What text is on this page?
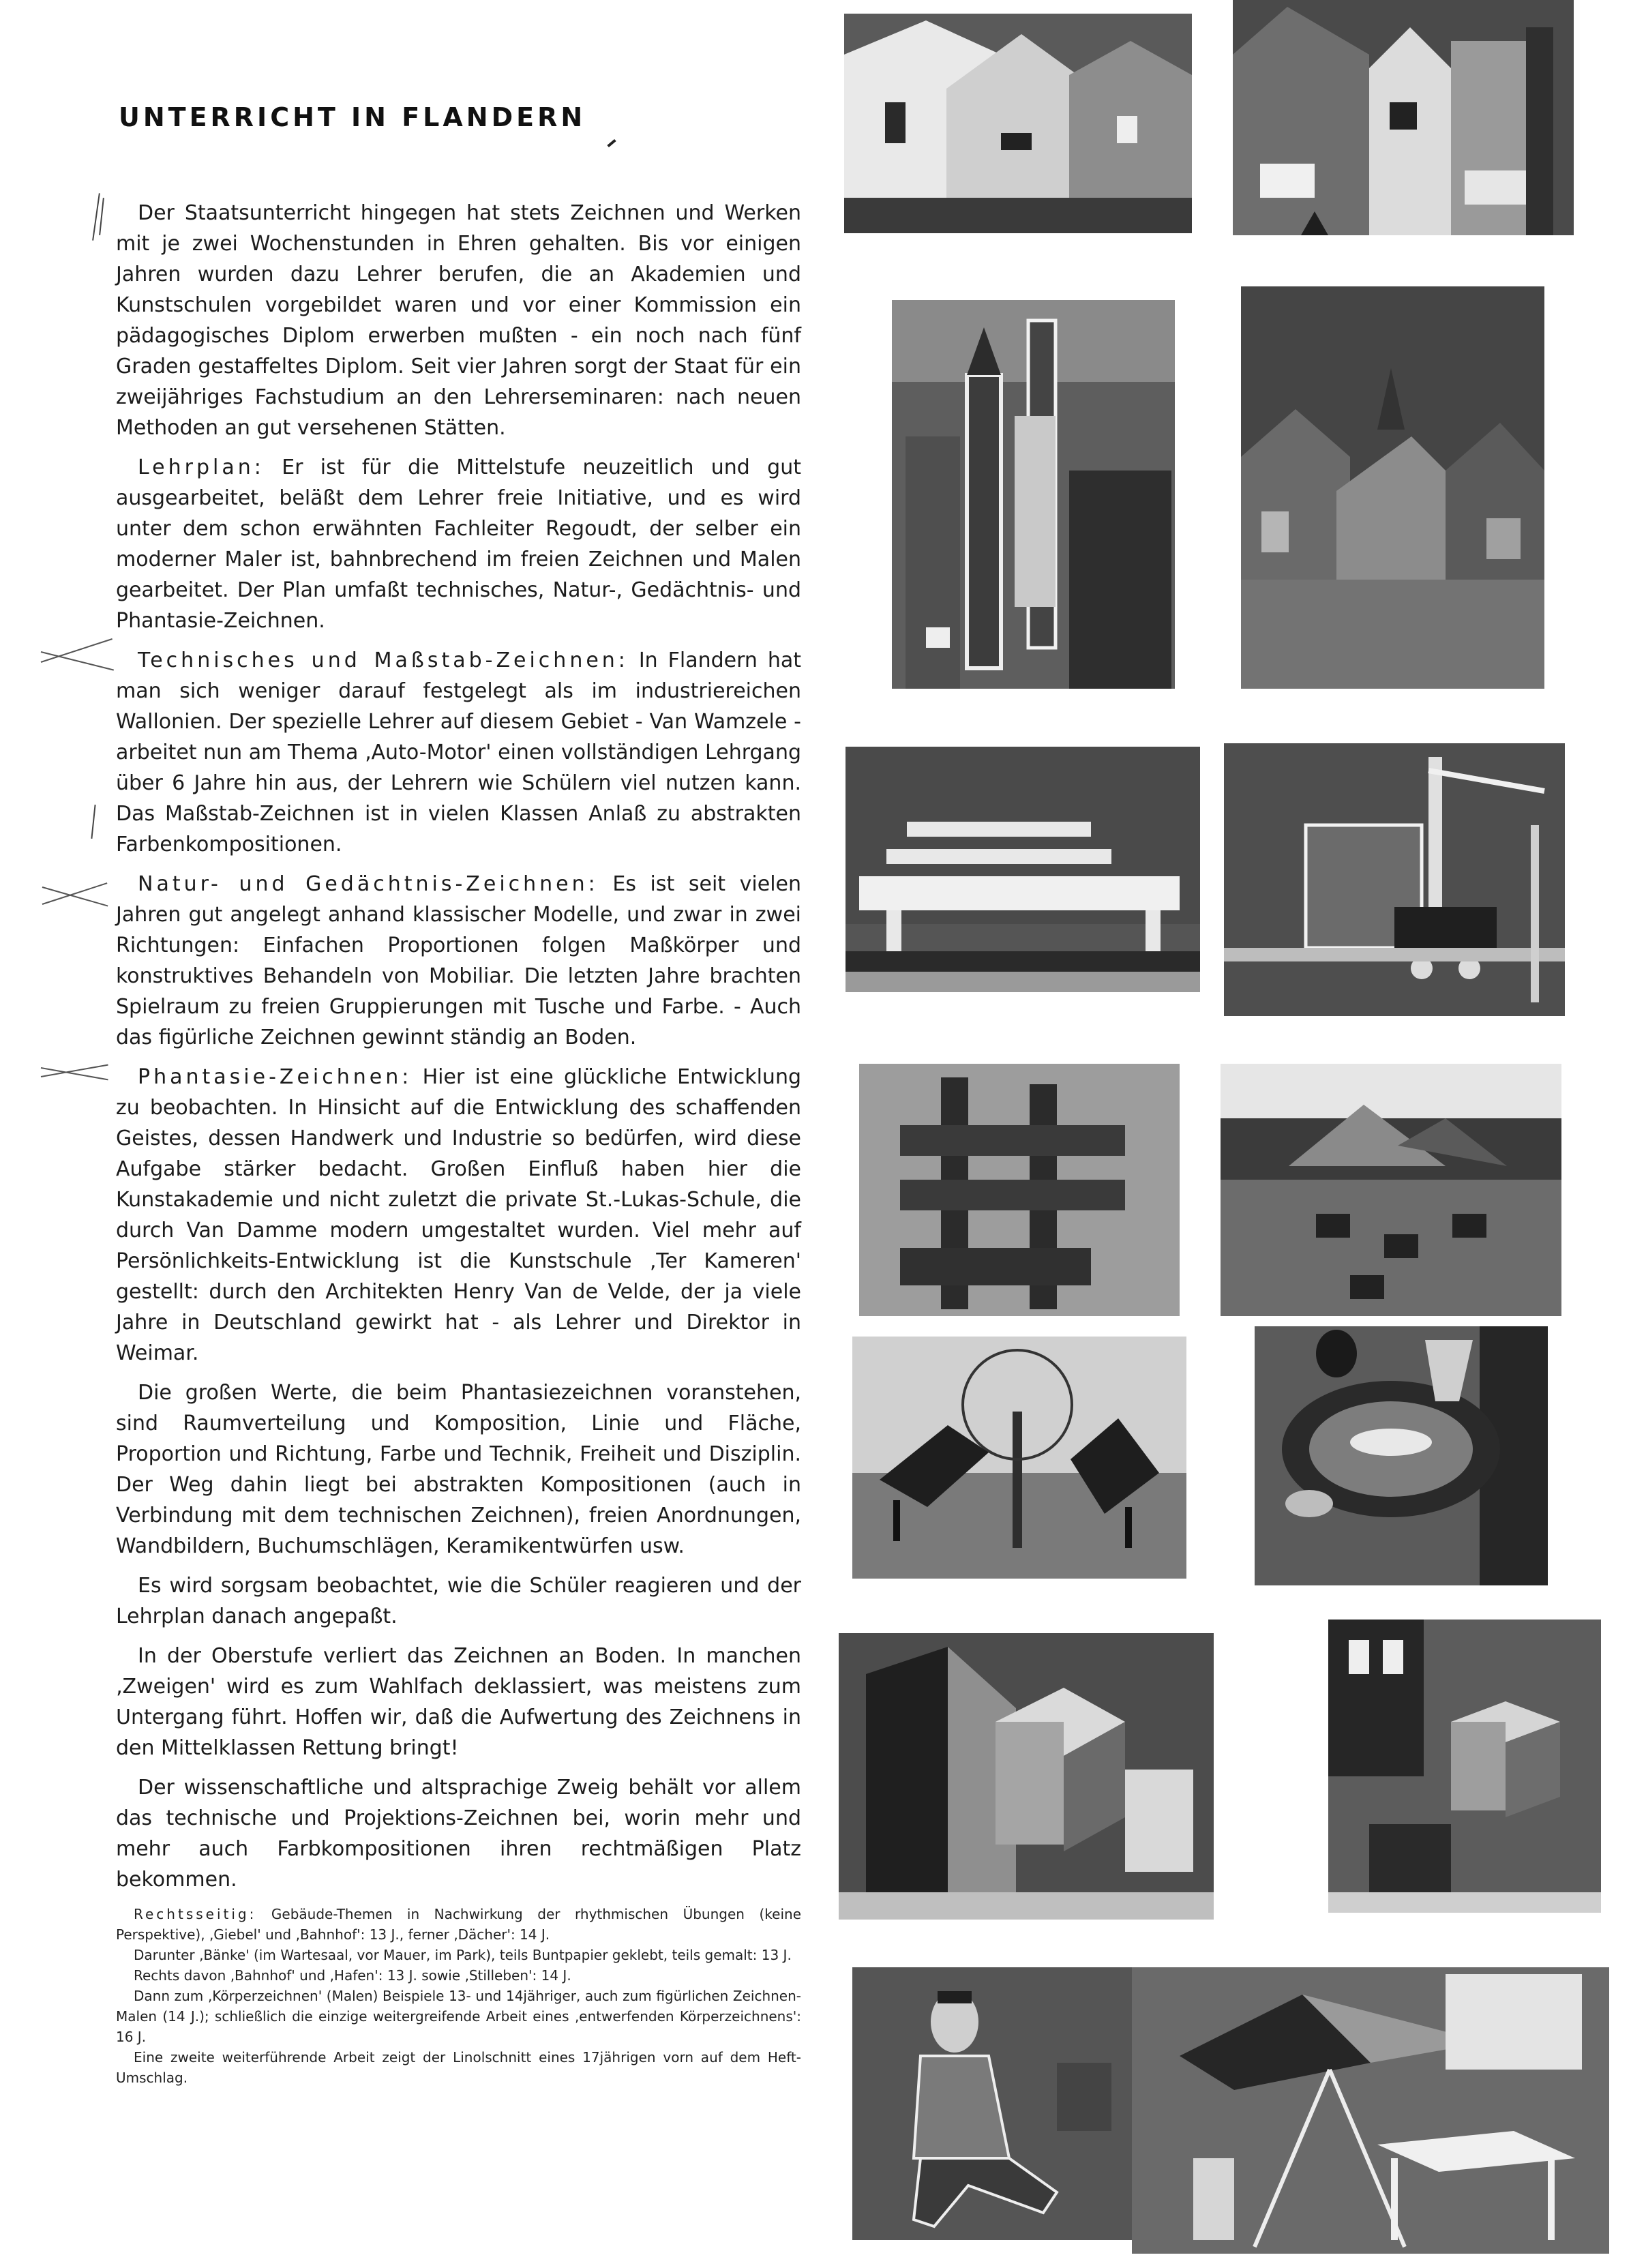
UNTERRICHT IN FLANDERN

Der Staatsunterricht hingegen hat stets Zeichnen und Werken mit je zwei Wochenstunden in Ehren gehalten. Bis vor einigen Jahren wurden dazu Lehrer berufen, die an Akademien und Kunstschulen vorgebildet waren und vor einer Kommission ein pädagogisches Diplom erwerben mußten - ein noch nach fünf Graden gestaffeltes Diplom. Seit vier Jahren sorgt der Staat für ein zweijähriges Fachstudium an den Lehrerseminaren: nach neuen Methoden an gut versehenen Stätten.

Lehrplan: Er ist für die Mittelstufe neuzeitlich und gut ausgearbeitet, beläßt dem Lehrer freie Initiative, und es wird unter dem schon erwähnten Fachleiter Regoudt, der selber ein moderner Maler ist, bahnbrechend im freien Zeichnen und Malen gearbeitet. Der Plan umfaßt technisches, Natur-, Gedächtnis- und Phantasie-Zeichnen.

Technisches und Maßstab-Zeichnen: In Flandern hat man sich weniger darauf festgelegt als im industriereichen Wallonien. Der spezielle Lehrer auf diesem Gebiet - Van Wamzele - arbeitet nun am Thema ‚Auto-Motor' einen vollständigen Lehrgang über 6 Jahre hin aus, der Lehrern wie Schülern viel nutzen kann. Das Maßstab-Zeichnen ist in vielen Klassen Anlaß zu abstrakten Farbenkompositionen.

Natur- und Gedächtnis-Zeichnen: Es ist seit vielen Jahren gut angelegt anhand klassischer Modelle, und zwar in zwei Richtungen: Einfachen Proportionen folgen Maßkörper und konstruktives Behandeln von Mobiliar. Die letzten Jahre brachten Spielraum zu freien Gruppierungen mit Tusche und Farbe. - Auch das figürliche Zeichnen gewinnt ständig an Boden.

Phantasie-Zeichnen: Hier ist eine glückliche Entwicklung zu beobachten. In Hinsicht auf die Entwicklung des schaffenden Geistes, dessen Handwerk und Industrie so bedürfen, wird diese Aufgabe stärker bedacht. Großen Einfluß haben hier die Kunstakademie und nicht zuletzt die private St.-Lukas-Schule, die durch Van Damme modern umgestaltet wurden. Viel mehr auf Persönlichkeits-Entwicklung ist die Kunstschule ‚Ter Kameren' gestellt: durch den Architekten Henry Van de Velde, der ja viele Jahre in Deutschland gewirkt hat - als Lehrer und Direktor in Weimar.

Die großen Werte, die beim Phantasiezeichnen voranstehen, sind Raumverteilung und Komposition, Linie und Fläche, Proportion und Richtung, Farbe und Technik, Freiheit und Disziplin. Der Weg dahin liegt bei abstrakten Kompositionen (auch in Verbindung mit dem technischen Zeichnen), freien Anordnungen, Wandbildern, Buchumschlägen, Keramikentwürfen usw.

Es wird sorgsam beobachtet, wie die Schüler reagieren und der Lehrplan danach angepaßt.

In der Oberstufe verliert das Zeichnen an Boden. In manchen ‚Zweigen' wird es zum Wahlfach deklassiert, was meistens zum Untergang führt. Hoffen wir, daß die Aufwertung des Zeichnens in den Mittelklassen Rettung bringt!

Der wissenschaftliche und altsprachige Zweig behält vor allem das technische und Projektions-Zeichnen bei, worin mehr und mehr auch Farbkompositionen ihren rechtmäßigen Platz bekommen.

Rechtsseitig: Gebäude-Themen in Nachwirkung der rhythmischen Übungen (keine Perspektive), ‚Giebel' und ‚Bahnhof': 13 J., ferner ‚Dächer': 14 J.

Darunter ‚Bänke' (im Wartesaal, vor Mauer, im Park), teils Buntpapier geklebt, teils gemalt: 13 J.

Rechts davon ‚Bahnhof' und ‚Hafen': 13 J. sowie ‚Stilleben': 14 J.

Dann zum ‚Körperzeichnen' (Malen) Beispiele 13- und 14jähriger, auch zum figürlichen Zeichnen-Malen (14 J.); schließlich die einzige weitergreifende Arbeit eines ‚entwerfenden Körperzeichnens': 16 J.

Eine zweite weiterführende Arbeit zeigt der Linolschnitt eines 17jährigen vorn auf dem Heft-Umschlag.
